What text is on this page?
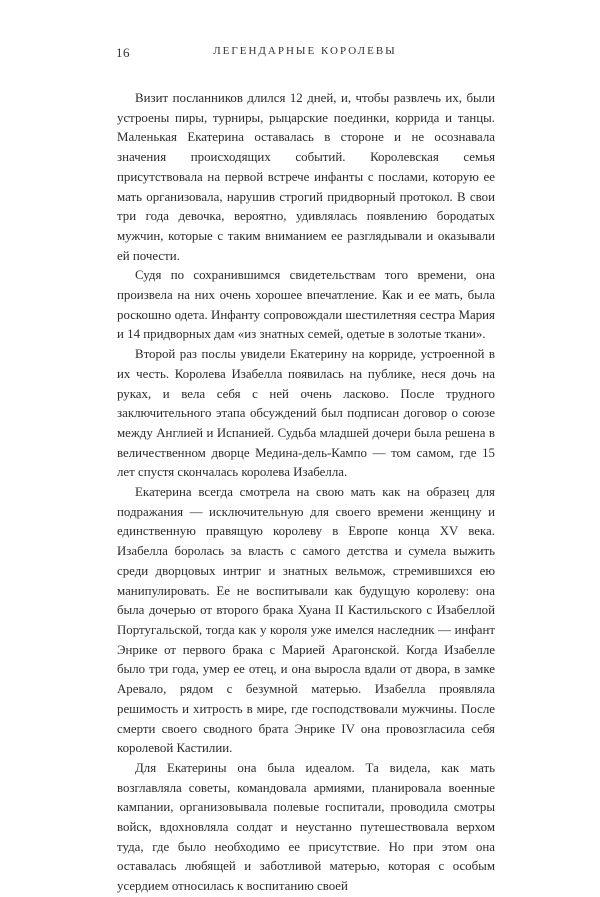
16	ЛЕГЕНДАРНЫЕ КОРОЛЕВЫ

Визит посланников длился 12 дней, и, чтобы развлечь их, были устроены пиры, турниры, рыцарские поединки, коррида и танцы. Маленькая Екатерина оставалась в стороне и не осознавала значения происходящих событий. Королевская семья присутствовала на первой встрече инфанты с послами, которую ее мать организовала, нарушив строгий придворный протокол. В свои три года девочка, вероятно, удивлялась появлению бородатых мужчин, которые с таким вниманием ее разглядывали и оказывали ей почести.

Судя по сохранившимся свидетельствам того времени, она произвела на них очень хорошее впечатление. Как и ее мать, была роскошно одета. Инфанту сопровождали шестилетняя сестра Мария и 14 придворных дам «из знатных семей, одетые в золотые ткани».

Второй раз послы увидели Екатерину на корриде, устроенной в их честь. Королева Изабелла появилась на публике, неся дочь на руках, и вела себя с ней очень ласково. После трудного заключительного этапа обсуждений был подписан договор о союзе между Англией и Испанией. Судьба младшей дочери была решена в величественном дворце Медина-дель-Кампо — том самом, где 15 лет спустя скончалась королева Изабелла.

Екатерина всегда смотрела на свою мать как на образец для подражания — исключительную для своего времени женщину и единственную правящую королеву в Европе конца XV века. Изабелла боролась за власть с самого детства и сумела выжить среди дворцовых интриг и знатных вельмож, стремившихся ею манипулировать. Ее не воспитывали как будущую королеву: она была дочерью от второго брака Хуана II Кастильского с Изабеллой Португальской, тогда как у короля уже имелся наследник — инфант Энрике от первого брака с Марией Арагонской. Когда Изабелле было три года, умер ее отец, и она выросла вдали от двора, в замке Аревало, рядом с безумной матерью. Изабелла проявляла решимость и хитрость в мире, где господствовали мужчины. После смерти своего сводного брата Энрике IV она провозгласила себя королевой Кастилии.

Для Екатерины она была идеалом. Та видела, как мать возглавляла советы, командовала армиями, планировала военные кампании, организовывала полевые госпитали, проводила смотры войск, вдохновляла солдат и неустанно путешествовала верхом туда, где было необходимо ее присутствие. Но при этом она оставалась любящей и заботливой матерью, которая с особым усердием относилась к воспитанию своей
